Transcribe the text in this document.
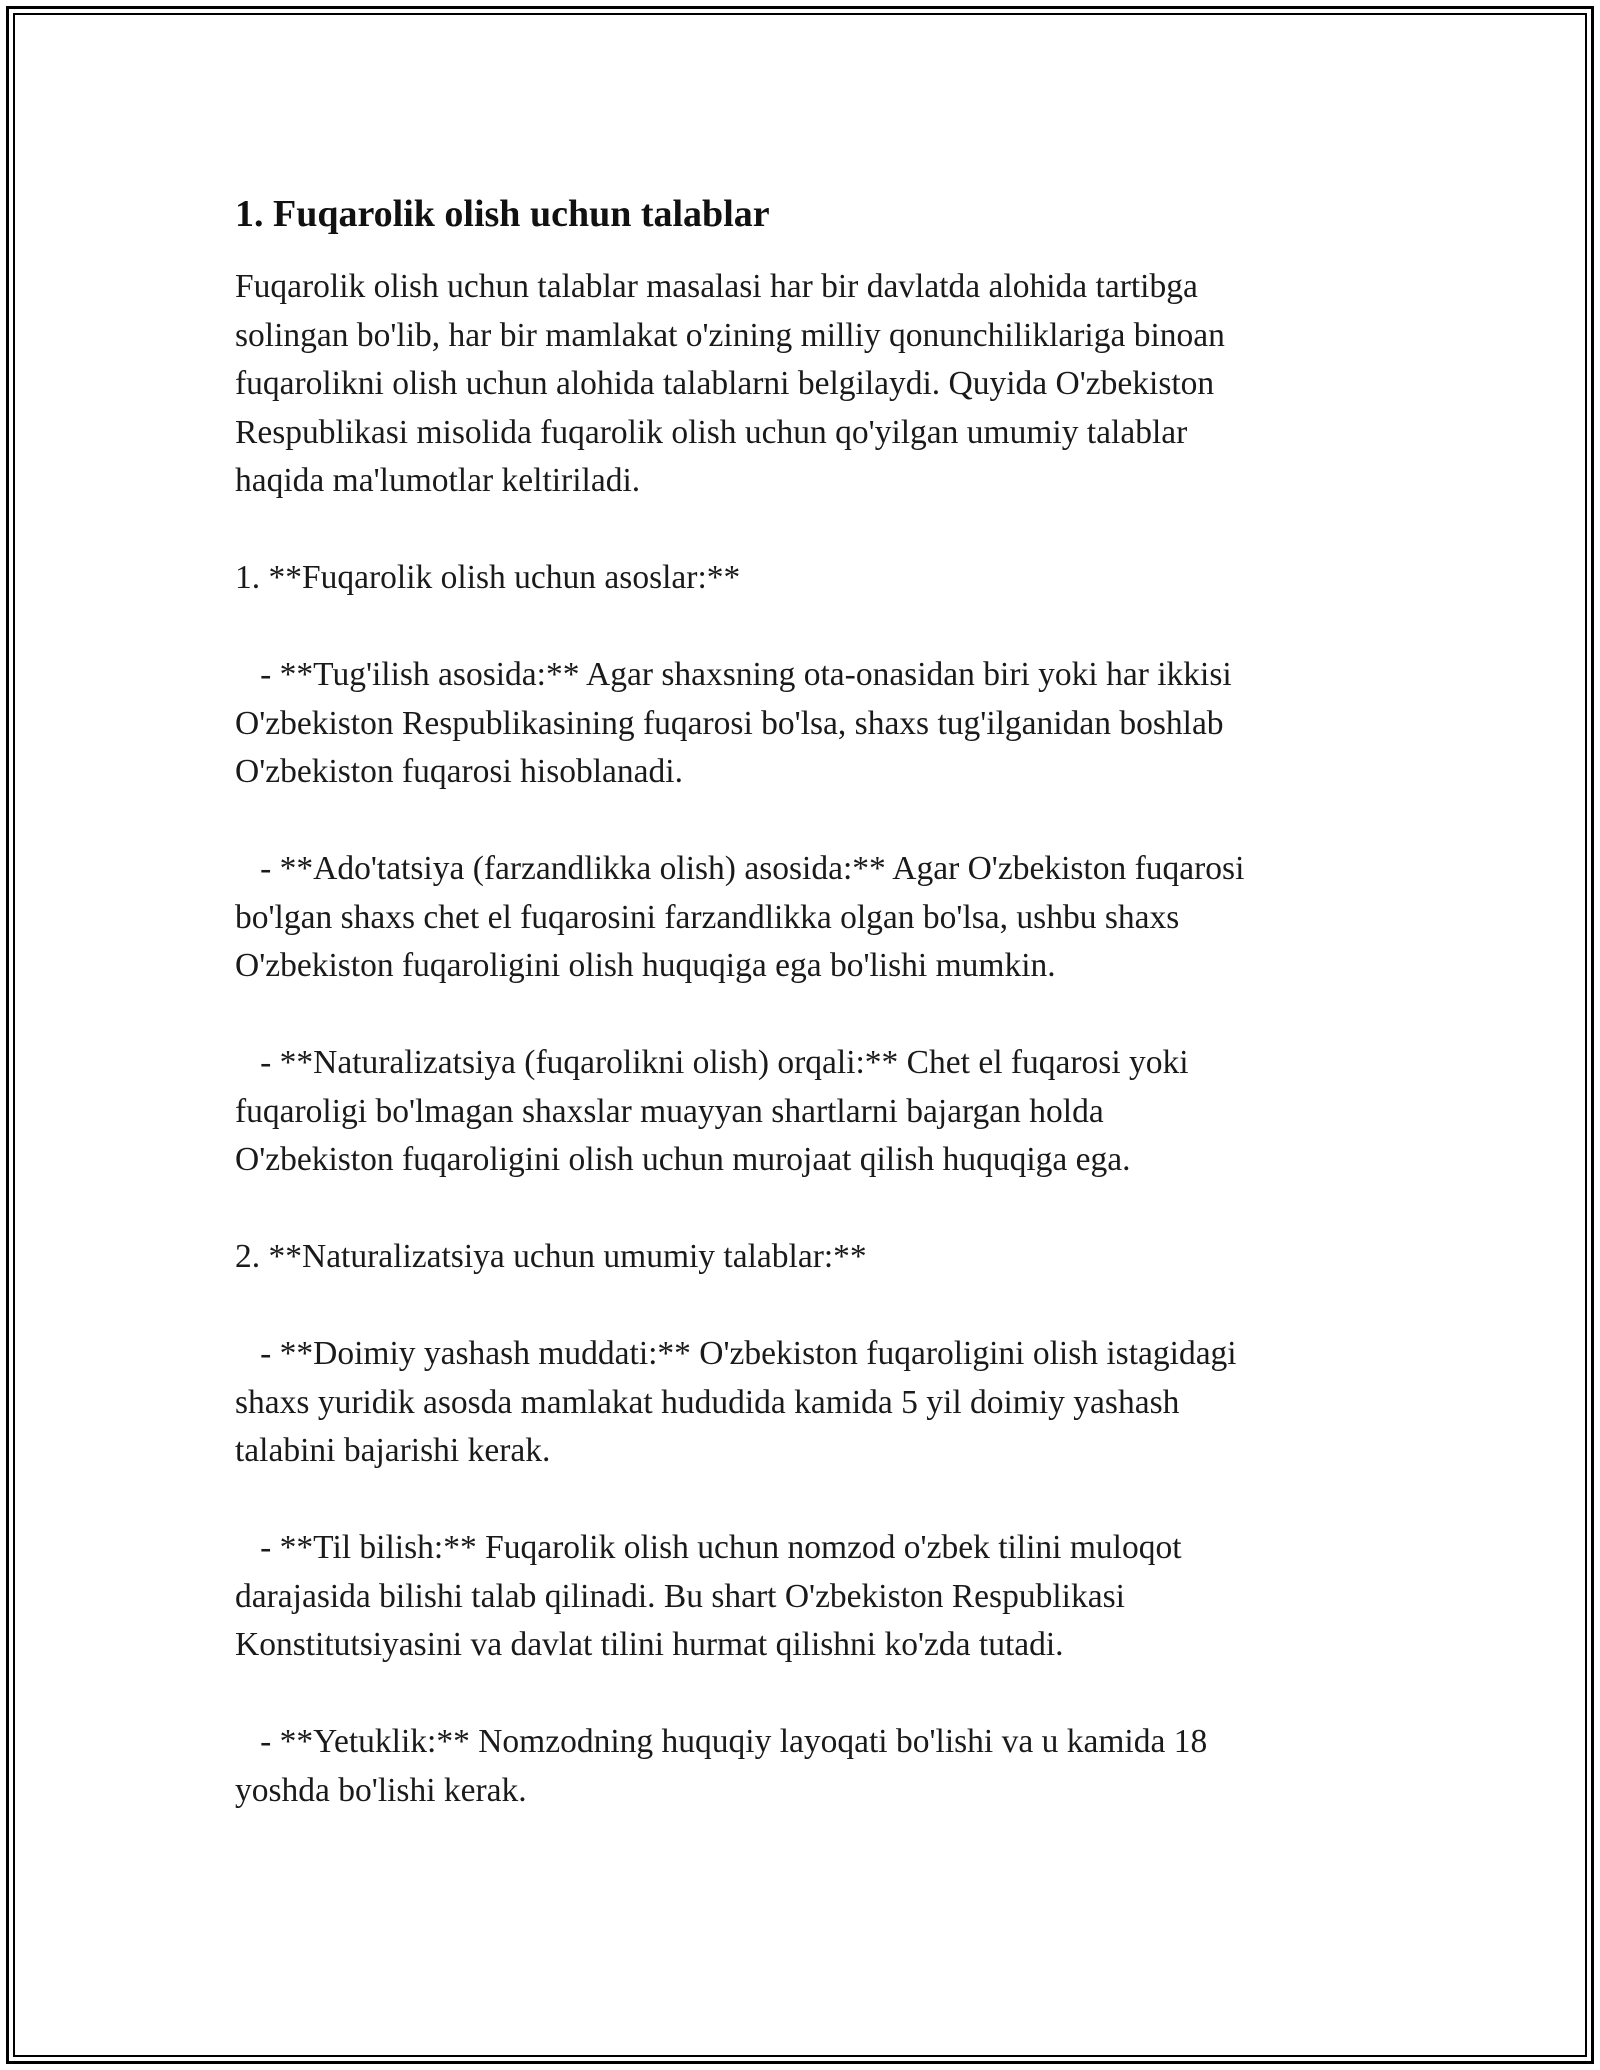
1. Fuqarolik olish uchun talablar

Fuqarolik olish uchun talablar masalasi har bir davlatda alohida tartibga
solingan bo'lib, har bir mamlakat o'zining milliy qonunchiliklariga binoan
fuqarolikni olish uchun alohida talablarni belgilaydi. Quyida O'zbekiston
Respublikasi misolida fuqarolik olish uchun qo'yilgan umumiy talablar
haqida ma'lumotlar keltiriladi.

1. **Fuqarolik olish uchun asoslar:**

- **Tug'ilish asosida:** Agar shaxsning ota-onasidan biri yoki har ikkisi
O'zbekiston Respublikasining fuqarosi bo'lsa, shaxs tug'ilganidan boshlab
O'zbekiston fuqarosi hisoblanadi.

- **Ado'tatsiya (farzandlikka olish) asosida:** Agar O'zbekiston fuqarosi
bo'lgan shaxs chet el fuqarosini farzandlikka olgan bo'lsa, ushbu shaxs
O'zbekiston fuqaroligini olish huquqiga ega bo'lishi mumkin.

- **Naturalizatsiya (fuqarolikni olish) orqali:** Chet el fuqarosi yoki
fuqaroligi bo'lmagan shaxslar muayyan shartlarni bajargan holda
O'zbekiston fuqaroligini olish uchun murojaat qilish huquqiga ega.

2. **Naturalizatsiya uchun umumiy talablar:**

- **Doimiy yashash muddati:** O'zbekiston fuqaroligini olish istagidagi
shaxs yuridik asosda mamlakat hududida kamida 5 yil doimiy yashash
talabini bajarishi kerak.

- **Til bilish:** Fuqarolik olish uchun nomzod o'zbek tilini muloqot
darajasida bilishi talab qilinadi. Bu shart O'zbekiston Respublikasi
Konstitutsiyasini va davlat tilini hurmat qilishni ko'zda tutadi.

- **Yetuklik:** Nomzodning huquqiy layoqati bo'lishi va u kamida 18
yoshda bo'lishi kerak.
